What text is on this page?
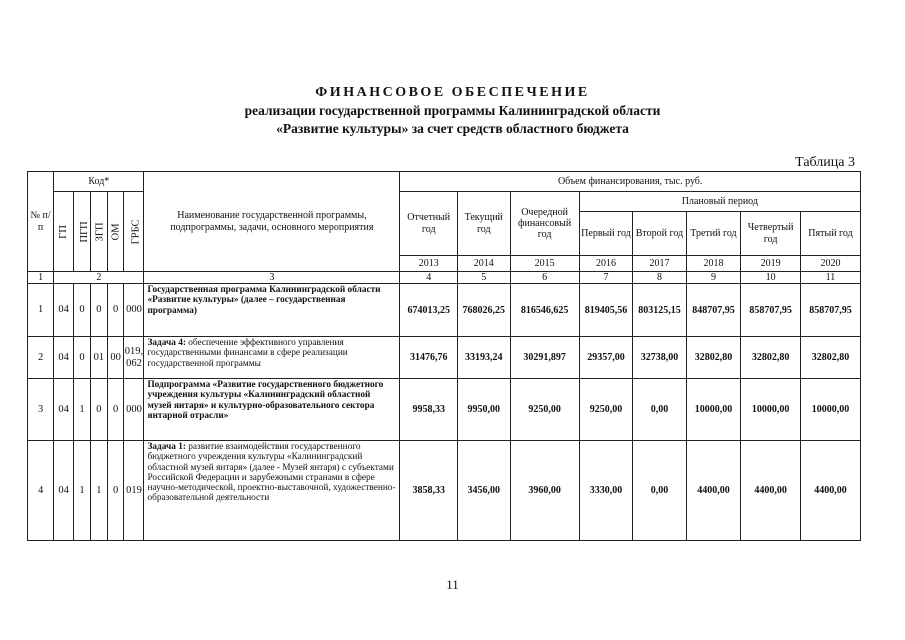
ФИНАНСОВОЕ ОБЕСПЕЧЕНИЕ
реализации государственной программы Калининградской области
«Развитие культуры» за счет средств областного бюджета
Таблица 3
№ п/п	Код*					Наименование государственной программы, подпрограммы, задачи, основного мероприятия	Объем финансирования, тыс. руб.							
	ГП	ПГП	ЗГП	ОМ	ГРБС		Отчетный год	Текущий год	Очередной финансовый год	Плановый период				
										Первый год	Второй год	Третий год	Четвертый год	Пятый год
							2013	2014	2015	2016	2017	2018	2019	2020
1	2					3	4	5	6	7	8	9	10	11
1	04	0	0	0	000	Государственная программа Калининградской области «Развитие культуры» (далее – государственная программа)	674013,25	768026,25	816546,625	819405,56	803125,15	848707,95	858707,95	858707,95
2	04	0	01	00	019, 062	Задача 4: обеспечение эффективного управления государственными финансами в сфере реализации государственной программы	31476,76	33193,24	30291,897	29357,00	32738,00	32802,80	32802,80	32802,80
3	04	1	0	0	000	Подпрограмма «Развитие государственного бюджетного учреждения культуры «Калининградский областной музей янтаря» и культурно-образовательного сектора янтарной отрасли»	9958,33	9950,00	9250,00	9250,00	0,00	10000,00	10000,00	10000,00
4	04	1	1	0	019	Задача 1: развитие взаимодействия государственного бюджетного учреждения культуры «Калининградский областной музей янтаря» (далее - Музей янтаря) с субъектами Российской Федерации и зарубежными странами в сфере научно-методической, проектно-выставочной, художественно-образовательной деятельности	3858,33	3456,00	3960,00	3330,00	0,00	4400,00	4400,00	4400,00
11
